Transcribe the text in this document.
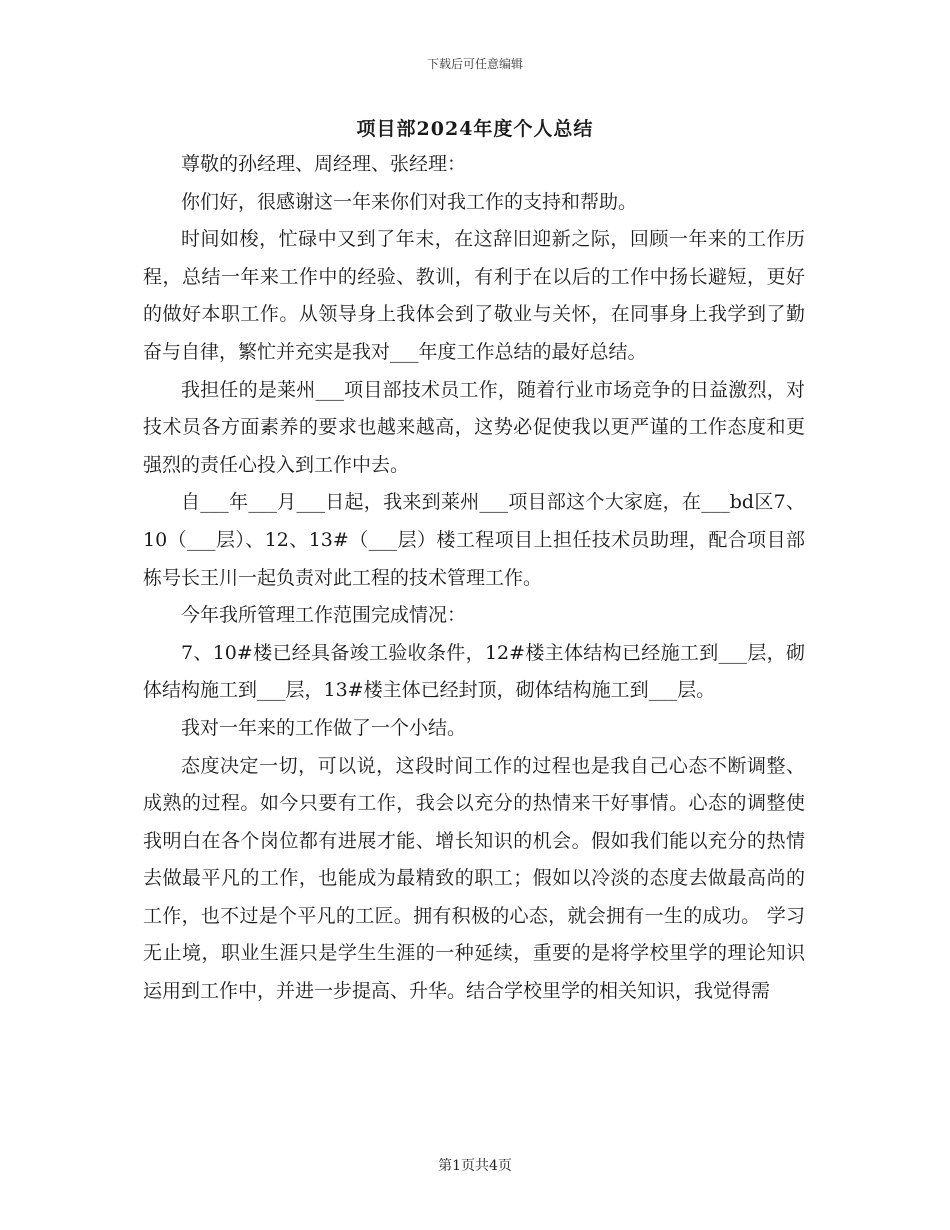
下载后可任意编辑
项目部2024年度个人总结

尊敬的孙经理、周经理、张经理：

你们好，很感谢这一年来你们对我工作的支持和帮助。

时间如梭，忙碌中又到了年末，在这辞旧迎新之际，回顾一年来的工作历程，总结一年来工作中的经验、教训，有利于在以后的工作中扬长避短，更好的做好本职工作。从领导身上我体会到了敬业与关怀，在同事身上我学到了勤奋与自律，繁忙并充实是我对___年度工作总结的最好总结。

我担任的是莱州___项目部技术员工作，随着行业市场竞争的日益激烈，对技术员各方面素养的要求也越来越高，这势必促使我以更严谨的工作态度和更强烈的责任心投入到工作中去。

自___年___月___日起，我来到莱州___项目部这个大家庭，在___bd区7、10（___层）、12、13#（___层）楼工程项目上担任技术员助理，配合项目部栋号长王川一起负责对此工程的技术管理工作。

今年我所管理工作范围完成情况：

7、10#楼已经具备竣工验收条件，12#楼主体结构已经施工到___层，砌体结构施工到___层，13#楼主体已经封顶，砌体结构施工到___层。

我对一年来的工作做了一个小结。

态度决定一切，可以说，这段时间工作的过程也是我自己心态不断调整、成熟的过程。如今只要有工作，我会以充分的热情来干好事情。心态的调整使我明白在各个岗位都有进展才能、增长知识的机会。假如我们能以充分的热情去做最平凡的工作，也能成为最精致的职工；假如以冷淡的态度去做最高尚的工作，也不过是个平凡的工匠。拥有积极的心态，就会拥有一生的成功。 学习无止境，职业生涯只是学生生涯的一种延续，重要的是将学校里学的理论知识运用到工作中，并进一步提高、升华。结合学校里学的相关知识，我觉得需

第1页共4页
